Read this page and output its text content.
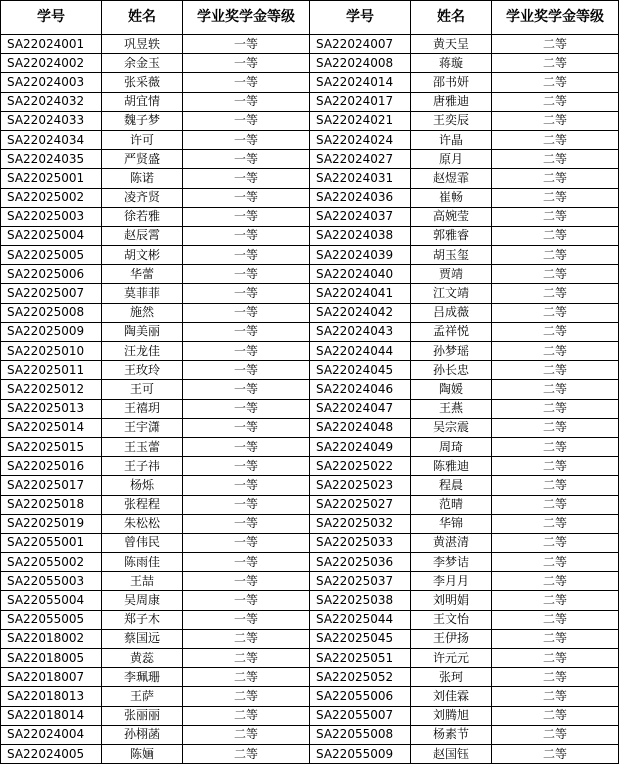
学号	姓名	学业奖学金等级	学号	姓名	学业奖学金等级
SA22024001	巩昱轶	一等	SA22024007	黄天呈	二等
SA22024002	余金玉	一等	SA22024008	蒋璇	二等
SA22024003	张采薇	一等	SA22024014	邵书妍	二等
SA22024032	胡宜情	一等	SA22024017	唐雅迪	二等
SA22024033	魏子梦	一等	SA22024021	王奕辰	二等
SA22024034	许可	一等	SA22024024	许晶	二等
SA22024035	严贤盛	一等	SA22024027	原月	二等
SA22025001	陈诺	一等	SA22024031	赵煜霏	二等
SA22025002	凌齐贤	一等	SA22024036	崔畅	二等
SA22025003	徐若雅	一等	SA22024037	高婉莹	二等
SA22025004	赵辰霄	一等	SA22024038	郭雅睿	二等
SA22025005	胡文彬	一等	SA22024039	胡玉玺	二等
SA22025006	华蕾	一等	SA22024040	贾靖	二等
SA22025007	莫菲菲	一等	SA22024041	江文靖	二等
SA22025008	施然	一等	SA22024042	吕成薇	二等
SA22025009	陶美丽	一等	SA22024043	孟祥悦	二等
SA22025010	汪龙佳	一等	SA22024044	孙梦瑶	二等
SA22025011	王玫玲	一等	SA22024045	孙长忠	二等
SA22025012	王可	一等	SA22024046	陶媛	二等
SA22025013	王禧玥	一等	SA22024047	王燕	二等
SA22025014	王宇潇	一等	SA22024048	吴宗震	二等
SA22025015	王玉蕾	一等	SA22024049	周琦	二等
SA22025016	王子祎	一等	SA22025022	陈雅迪	二等
SA22025017	杨烁	一等	SA22025023	程晨	二等
SA22025018	张程程	一等	SA22025027	范晴	二等
SA22025019	朱松松	一等	SA22025032	华锦	二等
SA22055001	曾伟民	一等	SA22025033	黄湛清	二等
SA22055002	陈雨佳	一等	SA22025036	李梦诘	二等
SA22055003	王喆	一等	SA22025037	李月月	二等
SA22055004	吴周康	一等	SA22025038	刘明娟	二等
SA22055005	郑子木	一等	SA22025044	王文怡	二等
SA22018002	蔡国远	二等	SA22025045	王伊扬	二等
SA22018005	黄蕊	二等	SA22025051	许元元	二等
SA22018007	李珮珊	二等	SA22025052	张珂	二等
SA22018013	王萨	二等	SA22055006	刘佳霖	二等
SA22018014	张丽丽	二等	SA22055007	刘腾旭	二等
SA22024004	孙栩菡	二等	SA22055008	杨素节	二等
SA22024005	陈婳	二等	SA22055009	赵国钰	二等
